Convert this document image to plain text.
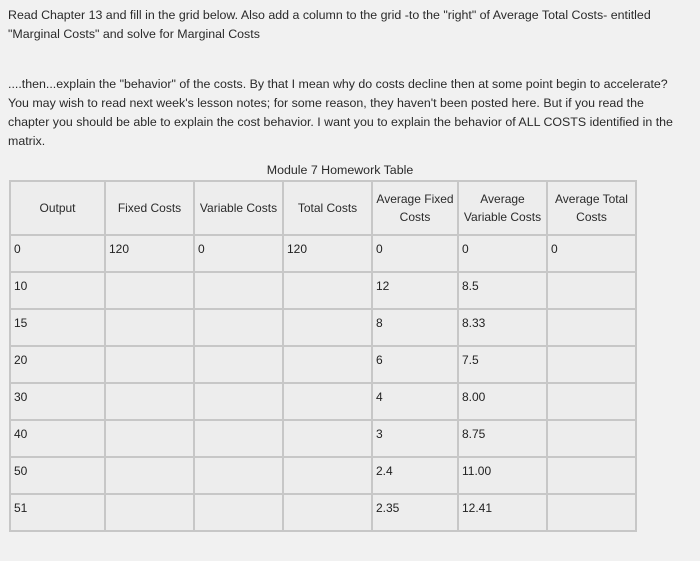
Read Chapter 13 and fill in the grid below. Also add a column to the grid -to the "right" of Average Total Costs- entitled "Marginal Costs" and solve for Marginal Costs

....then...explain the "behavior" of the costs. By that I mean why do costs decline then at some point begin to accelerate? You may wish to read next week's lesson notes; for some reason, they haven't been posted here. But if you read the chapter you should be able to explain the cost behavior. I want you to explain the behavior of ALL COSTS identified in the matrix.

Module 7 Homework Table
Output	Fixed Costs	Variable Costs	Total Costs	Average Fixed Costs	Average Variable Costs	Average Total Costs
0	120	0	120	0	0	0
10				12	8.5	
15				8	8.33	
20				6	7.5	
30				4	8.00	
40				3	8.75	
50				2.4	11.00	
51				2.35	12.41	
